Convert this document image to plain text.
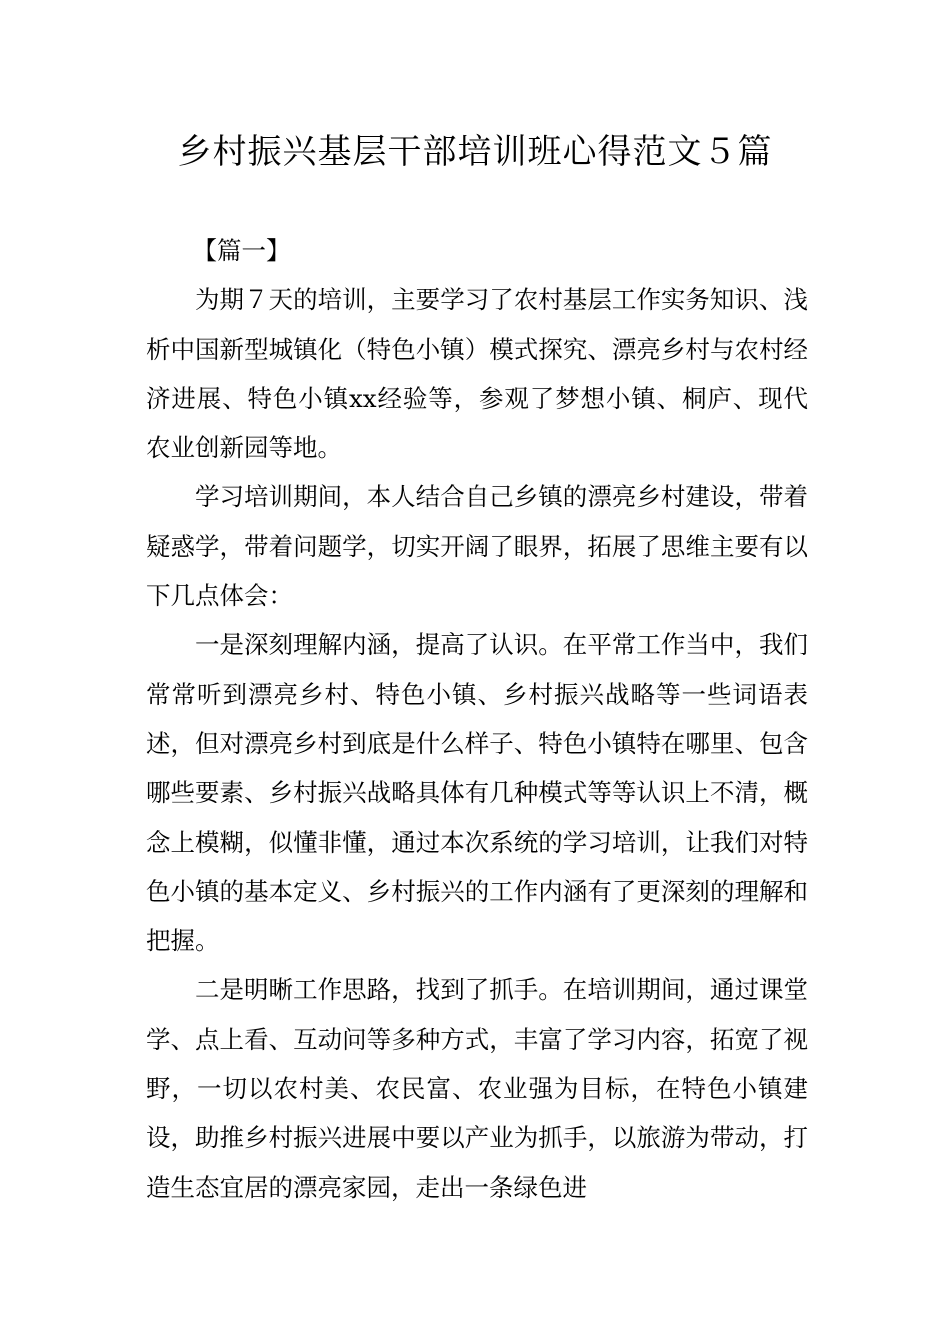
乡村振兴基层干部培训班心得范文５篇

【篇一】

为期７天的培训，主要学习了农村基层工作实务知识、浅析中国新型城镇化（特色小镇）模式探究、漂亮乡村与农村经济进展、特色小镇xx经验等，参观了梦想小镇、桐庐、现代农业创新园等地。

学习培训期间，本人结合自己乡镇的漂亮乡村建设，带着疑惑学，带着问题学，切实开阔了眼界，拓展了思维主要有以下几点体会：

一是深刻理解内涵，提高了认识。在平常工作当中，我们常常听到漂亮乡村、特色小镇、乡村振兴战略等一些词语表述，但对漂亮乡村到底是什么样子、特色小镇特在哪里、包含哪些要素、乡村振兴战略具体有几种模式等等认识上不清，概念上模糊，似懂非懂，通过本次系统的学习培训，让我们对特色小镇的基本定义、乡村振兴的工作内涵有了更深刻的理解和把握。

二是明晰工作思路，找到了抓手。在培训期间，通过课堂学、点上看、互动问等多种方式，丰富了学习内容，拓宽了视野，一切以农村美、农民富、农业强为目标，在特色小镇建设，助推乡村振兴进展中要以产业为抓手，以旅游为带动，打造生态宜居的漂亮家园，走出一条绿色进
